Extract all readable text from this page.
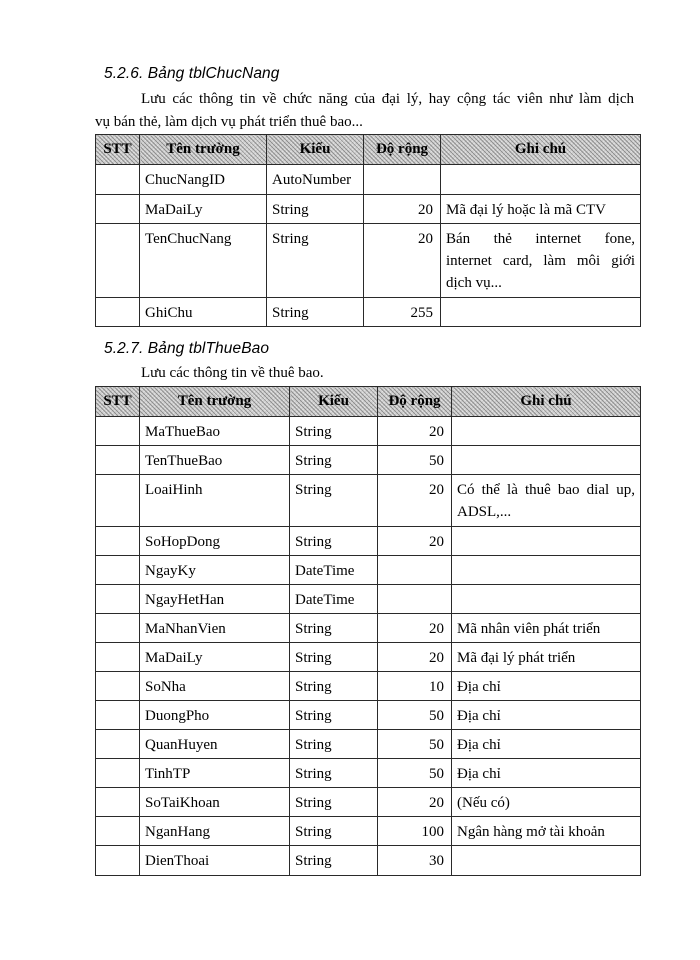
5.2.6. Bảng tblChucNang
Lưu các thông tin về chức năng của đại lý, hay cộng tác viên như làm dịch
vụ bán thẻ, làm dịch vụ phát triển thuê bao...
STT	Tên trường	Kiểu	Độ rộng	Ghi chú
	ChucNangID	AutoNumber		
	MaDaiLy	String	20	Mã đại lý hoặc là mã CTV

	TenChucNang	String	20	Bán thẻ internet fone,
internet card, làm môi giới
dịch vụ...

	GhiChu	String	255	
5.2.7. Bảng tblThueBao
Lưu các thông tin về thuê bao.
STT	Tên trường	Kiểu	Độ rộng	Ghi chú
	MaThueBao	String	20	
	TenThueBao	String	50	
	LoaiHinh	String	20	Có thể là thuê bao dial up,
ADSL,...

	SoHopDong	String	20	
	NgayKy	DateTime		
	NgayHetHan	DateTime		
	MaNhanVien	String	20	Mã nhân viên phát triển

	MaDaiLy	String	20	Mã đại lý phát triển

	SoNha	String	10	Địa chỉ

	DuongPho	String	50	Địa chỉ

	QuanHuyen	String	50	Địa chỉ

	TinhTP	String	50	Địa chỉ

	SoTaiKhoan	String	20	(Nếu có)

	NganHang	String	100	Ngân hàng mở tài khoản

	DienThoai	String	30	
